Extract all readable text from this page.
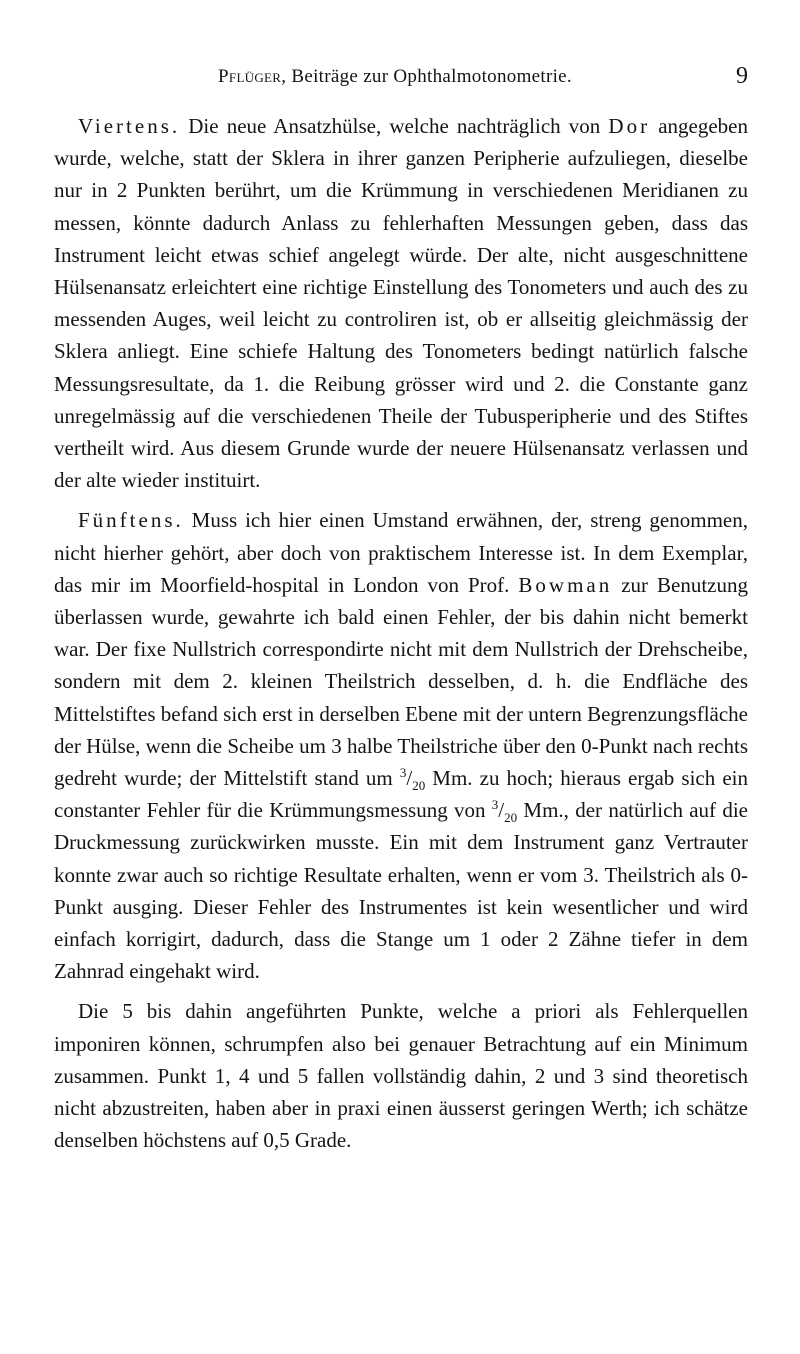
Pflüger, Beiträge zur Ophthalmotonometrie.	9

Viertens. Die neue Ansatzhülse, welche nachträglich von Dor angegeben wurde, welche, statt der Sklera in ihrer ganzen Peripherie aufzuliegen, dieselbe nur in 2 Punkten berührt, um die Krümmung in verschiedenen Meridianen zu messen, könnte dadurch Anlass zu fehlerhaften Messungen geben, dass das Instrument leicht etwas schief angelegt würde. Der alte, nicht ausgeschnittene Hülsenansatz erleichtert eine richtige Einstellung des Tonometers und auch des zu messenden Auges, weil leicht zu controliren ist, ob er allseitig gleichmässig der Sklera anliegt. Eine schiefe Haltung des Tonometers bedingt natürlich falsche Messungsresultate, da 1. die Reibung grösser wird und 2. die Constante ganz unregelmässig auf die verschiedenen Theile der Tubusperipherie und des Stiftes vertheilt wird. Aus diesem Grunde wurde der neuere Hülsenansatz verlassen und der alte wieder instituirt.

Fünftens. Muss ich hier einen Umstand erwähnen, der, streng genommen, nicht hierher gehört, aber doch von praktischem Interesse ist. In dem Exemplar, das mir im Moorfield-hospital in London von Prof. Bowman zur Benutzung überlassen wurde, gewahrte ich bald einen Fehler, der bis dahin nicht bemerkt war. Der fixe Nullstrich correspondirte nicht mit dem Nullstrich der Drehscheibe, sondern mit dem 2. kleinen Theilstrich desselben, d. h. die Endfläche des Mittelstiftes befand sich erst in derselben Ebene mit der untern Begrenzungsfläche der Hülse, wenn die Scheibe um 3 halbe Theilstriche über den 0-Punkt nach rechts gedreht wurde; der Mittelstift stand um $^3/_{20}$ Mm. zu hoch; hieraus ergab sich ein constanter Fehler für die Krümmungsmessung von $^3/_{20}$ Mm., der natürlich auf die Druckmessung zurückwirken musste. Ein mit dem Instrument ganz Vertrauter konnte zwar auch so richtige Resultate erhalten, wenn er vom 3. Theilstrich als 0-Punkt ausging. Dieser Fehler des Instrumentes ist kein wesentlicher und wird einfach korrigirt, dadurch, dass die Stange um 1 oder 2 Zähne tiefer in dem Zahnrad eingehakt wird.

Die 5 bis dahin angeführten Punkte, welche a priori als Fehlerquellen imponiren können, schrumpfen also bei genauer Betrachtung auf ein Minimum zusammen. Punkt 1, 4 und 5 fallen vollständig dahin, 2 und 3 sind theoretisch nicht abzustreiten, haben aber in praxi einen äusserst geringen Werth; ich schätze denselben höchstens auf 0,5 Grade.
